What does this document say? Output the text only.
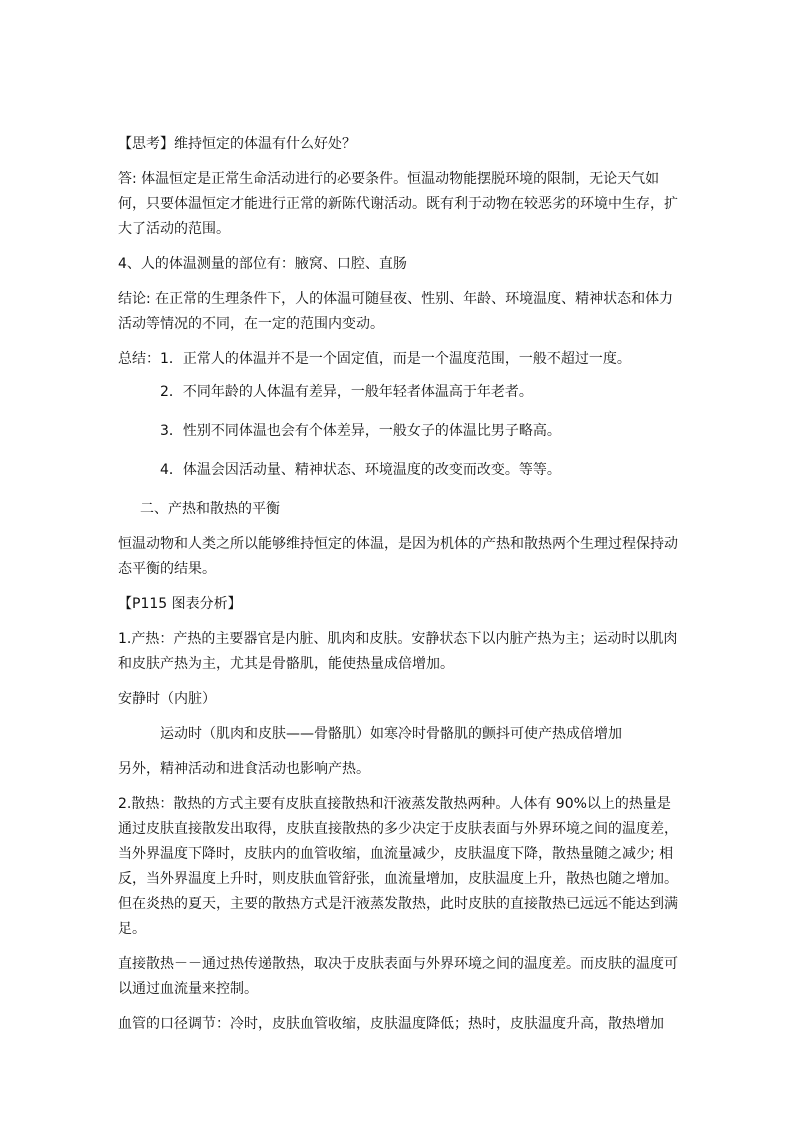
【思考】维持恒定的体温有什么好处？

答: 体温恒定是正常生命活动进行的必要条件。恒温动物能摆脱环境的限制，无论天气如何，只要体温恒定才能进行正常的新陈代谢活动。既有利于动物在较恶劣的环境中生存，扩大了活动的范围。

4、人的体温测量的部位有：腋窝、口腔、直肠

结论: 在正常的生理条件下，人的体温可随昼夜、性别、年龄、环境温度、精神状态和体力活动等情况的不同，在一定的范围内变动。

总结：1．正常人的体温并不是一个固定值，而是一个温度范围，一般不超过一度。

2．不同年龄的人体温有差异，一般年轻者体温高于年老者。

3．性别不同体温也会有个体差异，一般女子的体温比男子略高。

4．体温会因活动量、精神状态、环境温度的改变而改变。等等。

二、产热和散热的平衡

恒温动物和人类之所以能够维持恒定的体温，是因为机体的产热和散热两个生理过程保持动态平衡的结果。

【P115 图表分析】

1.产热：产热的主要器官是内脏、肌肉和皮肤。安静状态下以内脏产热为主；运动时以肌肉和皮肤产热为主，尤其是骨骼肌，能使热量成倍增加。

安静时（内脏）

运动时（肌肉和皮肤——骨骼肌）如寒冷时骨骼肌的颤抖可使产热成倍增加

另外，精神活动和进食活动也影响产热。

2.散热：散热的方式主要有皮肤直接散热和汗液蒸发散热两种。人体有 90%以上的热量是通过皮肤直接散发出取得，皮肤直接散热的多少决定于皮肤表面与外界环境之间的温度差，当外界温度下降时，皮肤内的血管收缩，血流量减少，皮肤温度下降，散热量随之减少; 相反，当外界温度上升时，则皮肤血管舒张，血流量增加，皮肤温度上升，散热也随之增加。但在炎热的夏天，主要的散热方式是汗液蒸发散热，此时皮肤的直接散热已远远不能达到满足。

直接散热－－通过热传递散热，取决于皮肤表面与外界环境之间的温度差。而皮肤的温度可以通过血流量来控制。

血管的口径调节：冷时，皮肤血管收缩，皮肤温度降低；热时，皮肤温度升高，散热增加
